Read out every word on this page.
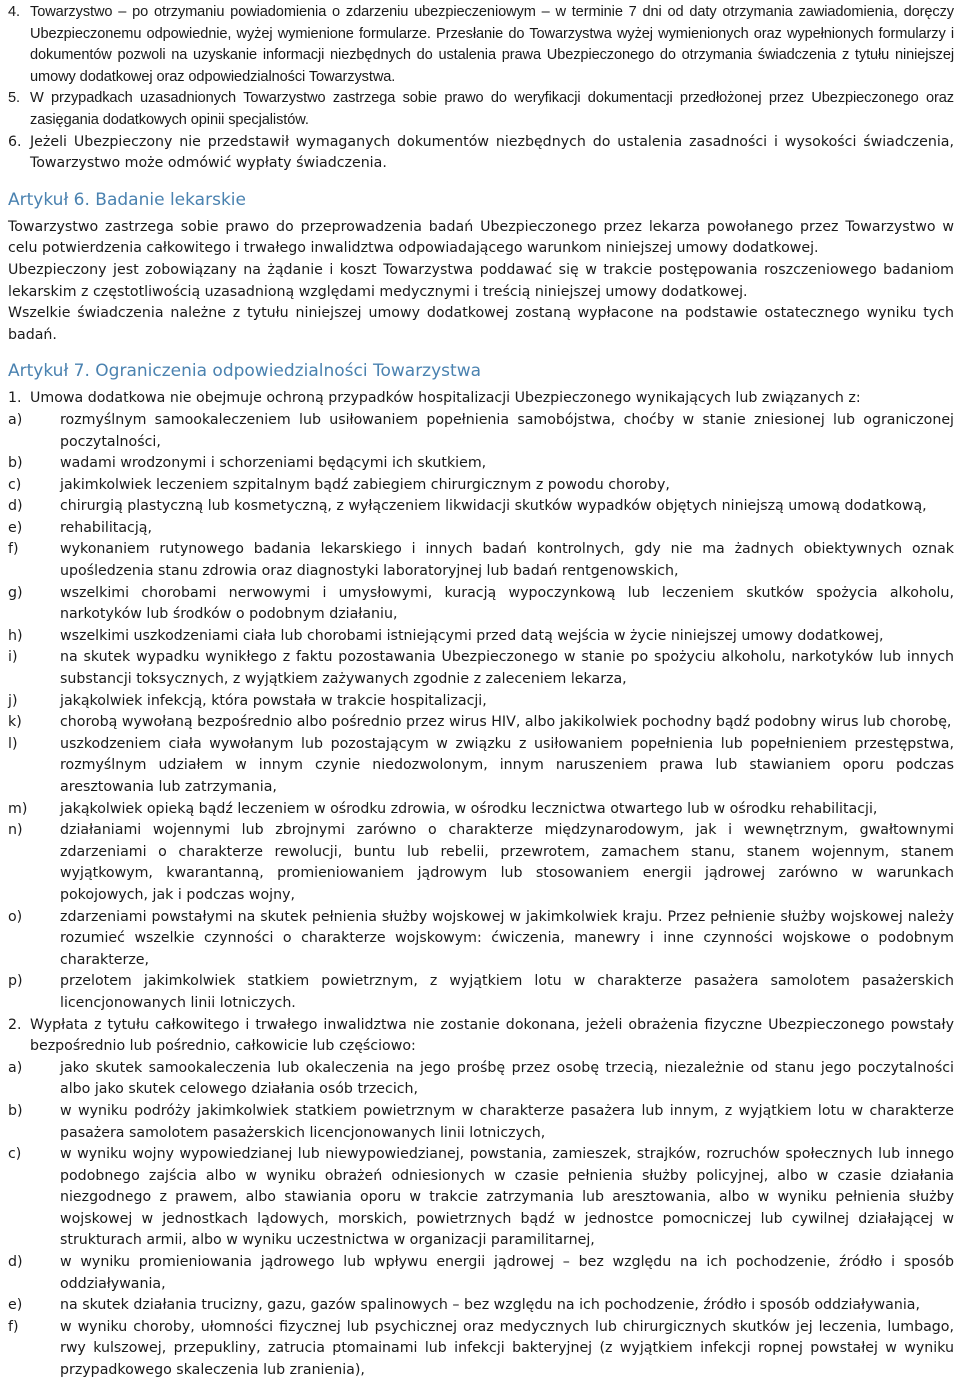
4. Towarzystwo – po otrzymaniu powiadomienia o zdarzeniu ubezpieczeniowym – w terminie 7 dni od daty otrzymania zawiadomienia, doręczy Ubezpieczonemu odpowiednie, wyżej wymienione formularze. Przesłanie do Towarzystwa wyżej wymienionych oraz wypełnionych formularzy i dokumentów pozwoli na uzyskanie informacji niezbędnych do ustalenia prawa Ubezpieczonego do otrzymania świadczenia z tytułu niniejszej umowy dodatkowej oraz odpowiedzialności Towarzystwa.
5. W przypadkach uzasadnionych Towarzystwo zastrzega sobie prawo do weryfikacji dokumentacji przedłożonej przez Ubezpieczonego oraz zasięgania dodatkowych opinii specjalistów.
6. Jeżeli Ubezpieczony nie przedstawił wymaganych dokumentów niezbędnych do ustalenia zasadności i wysokości świadczenia, Towarzystwo może odmówić wypłaty świadczenia.
Artykuł 6. Badanie lekarskie

Towarzystwo zastrzega sobie prawo do przeprowadzenia badań Ubezpieczonego przez lekarza powołanego przez Towarzystwo w celu potwierdzenia całkowitego i trwałego inwalidztwa odpowiadającego warunkom niniejszej umowy dodatkowej.

Ubezpieczony jest zobowiązany na żądanie i koszt Towarzystwa poddawać się w trakcie postępowania roszczeniowego badaniom lekarskim z częstotliwością uzasadnioną względami medycznymi i treścią niniejszej umowy dodatkowej.

Wszelkie świadczenia należne z tytułu niniejszej umowy dodatkowej zostaną wypłacone na podstawie ostatecznego wyniku tych badań.

Artykuł 7. Ograniczenia odpowiedzialności Towarzystwa
1. Umowa dodatkowa nie obejmuje ochroną przypadków hospitalizacji Ubezpieczonego wynikających lub związanych z:
a)	rozmyślnym samookaleczeniem lub usiłowaniem popełnienia samobójstwa, choćby w stanie zniesionej lub ograniczonej poczytalności,
b)	wadami wrodzonymi i schorzeniami będącymi ich skutkiem,
c)	jakimkolwiek leczeniem szpitalnym bądź zabiegiem chirurgicznym z powodu choroby,
d)	chirurgią plastyczną lub kosmetyczną, z wyłączeniem likwidacji skutków wypadków objętych niniejszą umową dodatkową,
e)	rehabilitacją,
f)	wykonaniem rutynowego badania lekarskiego i innych badań kontrolnych, gdy nie ma żadnych obiektywnych oznak upośledzenia stanu zdrowia oraz diagnostyki laboratoryjnej lub badań rentgenowskich,
g)	wszelkimi chorobami nerwowymi i umysłowymi, kuracją wypoczynkową lub leczeniem skutków spożycia alkoholu, narkotyków lub środków o podobnym działaniu,
h)	wszelkimi uszkodzeniami ciała lub chorobami istniejącymi przed datą wejścia w życie niniejszej umowy dodatkowej,
i)	na skutek wypadku wynikłego z faktu pozostawania Ubezpieczonego w stanie po spożyciu alkoholu, narkotyków lub innych substancji toksycznych, z wyjątkiem zażywanych zgodnie z zaleceniem lekarza,
j)	jakąkolwiek infekcją, która powstała w trakcie hospitalizacji,
k)	chorobą wywołaną bezpośrednio albo pośrednio przez wirus HIV, albo jakikolwiek pochodny bądź podobny wirus lub chorobę,
l)	uszkodzeniem ciała wywołanym lub pozostającym w związku z usiłowaniem popełnienia lub popełnieniem przestępstwa, rozmyślnym udziałem w innym czynie niedozwolonym, innym naruszeniem prawa lub stawianiem oporu podczas aresztowania lub zatrzymania,
m)	jakąkolwiek opieką bądź leczeniem w ośrodku zdrowia, w ośrodku lecznictwa otwartego lub w ośrodku rehabilitacji,
n)	działaniami wojennymi lub zbrojnymi zarówno o charakterze międzynarodowym, jak i wewnętrznym, gwałtownymi zdarzeniami o charakterze rewolucji, buntu lub rebelii, przewrotem, zamachem stanu, stanem wojennym, stanem wyjątkowym, kwarantanną, promieniowaniem jądrowym lub stosowaniem energii jądrowej zarówno w warunkach pokojowych, jak i podczas wojny,
o)	zdarzeniami powstałymi na skutek pełnienia służby wojskowej w jakimkolwiek kraju. Przez pełnienie służby wojskowej należy rozumieć wszelkie czynności o charakterze wojskowym: ćwiczenia, manewry i inne czynności wojskowe o podobnym charakterze,
p)	przelotem jakimkolwiek statkiem powietrznym, z wyjątkiem lotu w charakterze pasażera samolotem pasażerskich licencjonowanych linii lotniczych.
2. Wypłata z tytułu całkowitego i trwałego inwalidztwa nie zostanie dokonana, jeżeli obrażenia fizyczne Ubezpieczonego powstały bezpośrednio lub pośrednio, całkowicie lub częściowo:
a)	jako skutek samookaleczenia lub okaleczenia na jego prośbę przez osobę trzecią, niezależnie od stanu jego poczytalności albo jako skutek celowego działania osób trzecich,
b)	w wyniku podróży jakimkolwiek statkiem powietrznym w charakterze pasażera lub innym, z wyjątkiem lotu w charakterze pasażera samolotem pasażerskich licencjonowanych linii lotniczych,
c)	w wyniku wojny wypowiedzianej lub niewypowiedzianej, powstania, zamieszek, strajków, rozruchów społecznych lub innego podobnego zajścia albo w wyniku obrażeń odniesionych w czasie pełnienia służby policyjnej, albo w czasie działania niezgodnego z prawem, albo stawiania oporu w trakcie zatrzymania lub aresztowania, albo w wyniku pełnienia służby wojskowej w jednostkach lądowych, morskich, powietrznych bądź w jednostce pomocniczej lub cywilnej działającej w strukturach armii, albo w wyniku uczestnictwa w organizacji paramilitarnej,
d)	w wyniku promieniowania jądrowego lub wpływu energii jądrowej – bez względu na ich pochodzenie, źródło i sposób oddziaływania,
e)	na skutek działania trucizny, gazu, gazów spalinowych – bez względu na ich pochodzenie, źródło i sposób oddziaływania,
f)	w wyniku choroby, ułomności fizycznej lub psychicznej oraz medycznych lub chirurgicznych skutków jej leczenia, lumbago, rwy kulszowej, przepukliny, zatrucia ptomainami lub infekcji bakteryjnej (z wyjątkiem infekcji ropnej powstałej w wyniku przypadkowego skaleczenia lub zranienia),
